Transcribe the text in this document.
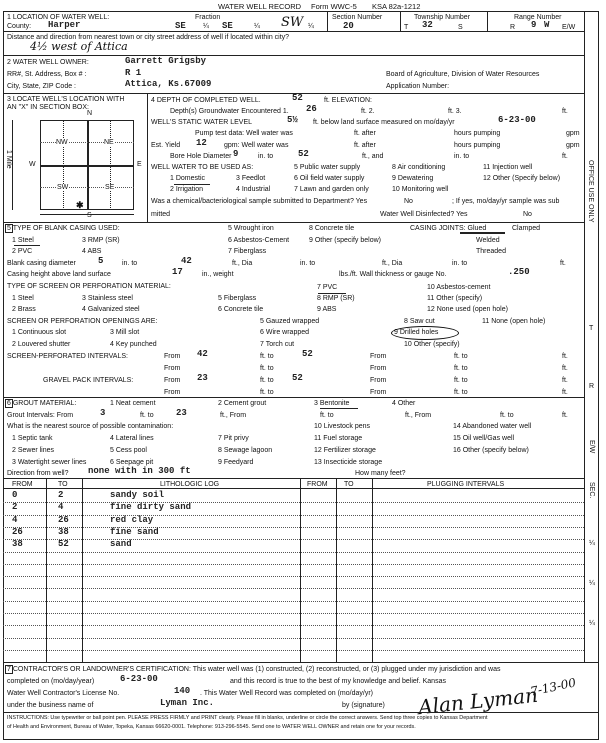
WATER WELL RECORD Form WWC-5 KSA 82a-1212
1 LOCATION OF WATER WELL:	Fraction
County: Harper	SE ¼ SE	¼ SW ¼
Section Number
20
Township Number
T 32	S
Range Number
R 9 W E/W
Distance and direction from nearest town or city street address of well if located within city?
4½ west of Attica
2 WATER WELL OWNER:	Garrett Grigsby
RR#, St. Address, Box # :	R 1	Board of Agriculture, Division of Water Resources
City, State, ZIP Code :	Attica, Ks.67009	Application Number:
3 LOCATE WELL'S LOCATION WITH
AN "X" IN SECTION BOX:
N
S
W	E
NW	NE
SW	SE
✱
1 Mile
4 DEPTH OF COMPLETED WELL.	52	ft. ELEVATION:
Depth(s) Groundwater Encountered 1. 26	ft. 2.	ft. 3.	ft.
WELL'S STATIC WATER LEVEL	5½ ft. below land surface measured on mo/day/yr	6-23-00
Pump test data: Well water was	ft. after	hours pumping	gpm
Est. Yield 12 gpm: Well water was	ft. after	hours pumping	gpm
Bore Hole Diameter 9	in. to	52	ft., and	in. to	ft.
WELL WATER TO BE USED AS:	5 Public water supply	8 Air conditioning	11 Injection well
1 Domestic	3 Feedlot	6 Oil field water supply	9 Dewatering	12 Other (Specify below)
2 Irrigation	4 Industrial	7 Lawn and garden only	10 Monitoring well
Was a chemical/bacteriological sample submitted to Department? Yes	No	; If yes, mo/day/yr sample was sub
mitted	Water Well Disinfected? Yes	No
5 TYPE OF BLANK CASING USED:	5 Wrought iron	8 Concrete tile	CASING JOINTS: Glued	Clamped
1 Steel	3 RMP (SR)	6 Asbestos-Cement	9 Other (specify below)	Welded
2 PVC	4 ABS	7 Fiberglass	Threaded
Blank casing diameter 5	in. to	42	ft., Dia	in. to	ft., Dia	in. to	ft.
Casing height above land surface	17	in., weight	lbs./ft. Wall thickness or gauge No.	.250
TYPE OF SCREEN OR PERFORATION MATERIAL:
1 Steel	3 Stainless steel	5 Fiberglass
7 PVC	10 Asbestos-cement
2 Brass	4 Galvanized steel	6 Concrete tile
8 RMP (SR)	11 Other (specify)
9 ABS	12 None used (open hole)
SCREEN OR PERFORATION OPENINGS ARE:	5 Gauzed wrapped	8 Saw cut	11 None (open hole)
1 Continuous slot	3 Mill slot	6 Wire wrapped	9 Drilled holes
2 Louvered shutter	4 Key punched	7 Torch cut	10 Other (specify)
SCREEN-PERFORATED INTERVALS:	From 42	ft. to	52	From	ft. to	ft.
From	ft. to	From	ft. to	ft.
GRAVEL PACK INTERVALS:	From 23	ft. to 52	From	ft. to	ft.
From	ft. to	From	ft. to	ft.
6 GROUT MATERIAL:	1 Neat cement	2 Cement grout	3 Bentonite	4 Other
Grout Intervals: From	3	ft. to 23	ft., From	ft. to	ft., From	ft. to	ft.
What is the nearest source of possible contamination:	10 Livestock pens	14 Abandoned water well
1 Septic tank	4 Lateral lines	7 Pit privy	11 Fuel storage	15 Oil well/Gas well
2 Sewer lines	5 Cess pool	8 Sewage lagoon	12 Fertilizer storage	16 Other (specify below)
3 Watertight sewer lines	6 Seepage pit	9 Feedyard	13 Insecticide storage
Direction from well? none with in 300 ft	How many feet?
FROM	TO	LITHOLOGIC LOG	FROM TO	PLUGGING INTERVALS
0	2	sandy soil
2	4	fine dirty sand
4	26	red clay
26	38	fine sand
38	52	sand
7 CONTRACTOR'S OR LANDOWNER'S CERTIFICATION: This water well was (1) constructed, (2) reconstructed, or (3) plugged under my jurisdiction and was
completed on (mo/day/year)	6-23-00	and this record is true to the best of my knowledge and belief. Kansas
Water Well Contractor's License No.	140 . This Water Well Record was completed on (mo/day/yr)	7-13-00
under the business name of	Lyman Inc.	by (signature) Alan Lyman
INSTRUCTIONS: Use typewriter or ball point pen. PLEASE PRESS FIRMLY and PRINT clearly. Please fill in blanks, underline or circle the correct answers. Send top three copies to Kansas Department
of Health and Environment, Bureau of Water, Topeka, Kansas 66620-0001. Telephone: 913-296-5545. Send one to WATER WELL OWNER and retain one for your records.
OFFICE USE ONLY
T
R
E/W
SEC.
¼
¼
¼
